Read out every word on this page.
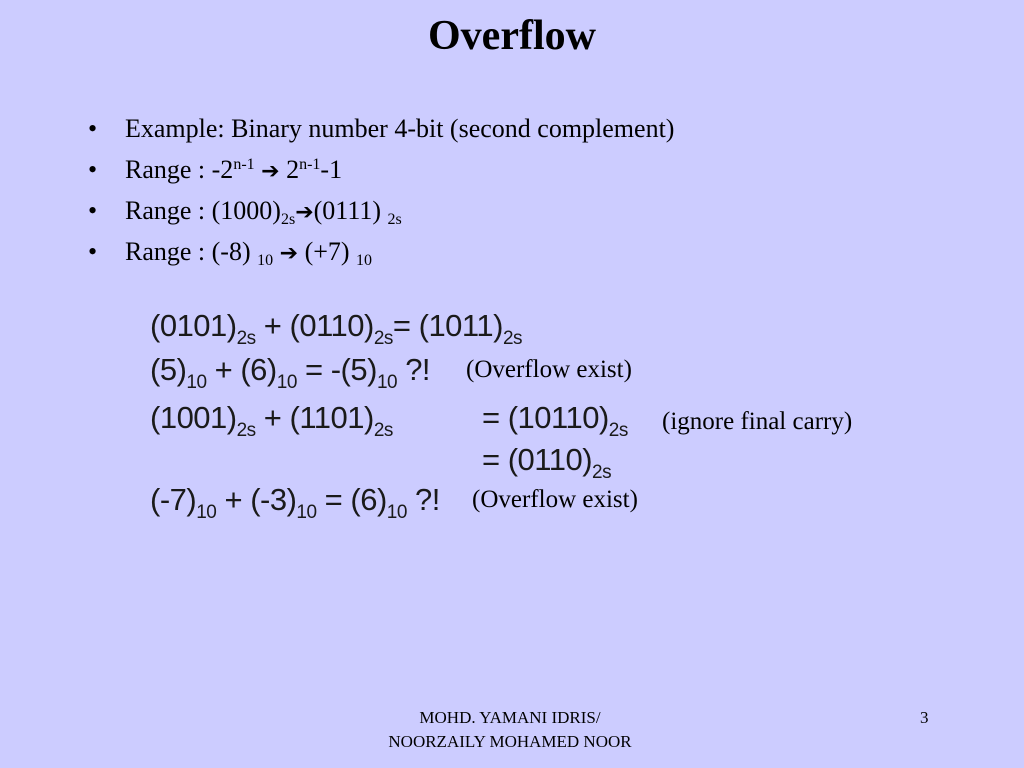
Overflow
• Example: Binary number 4-bit (second complement)
• Range : -2$^{n-1}$ ➔ 2$^{n-1}$-1
• Range : $(1000)_{2s}➔(0111)$ $_{2s}$
• Range : (-8) $_{10}$ ➔ (+7) $_{10}$
$(0101)_{2s} + (0110)_{2s}= (1011)_{2s}$
$(5)_{10} + (6)_{10} = -(5)_{10}$ ?! (Overflow exist)
$(1001)_{2s} + (1101)_{2s}$	= $(10110)_{2s}$ (ignore final carry)
= $(0110)_{2s}$
$(-7)_{10} + (-3)_{10} = (6)_{10}$ ?! (Overflow exist)
MOHD. YAMANI IDRIS/
NOORZAILY MOHAMED NOOR
3
